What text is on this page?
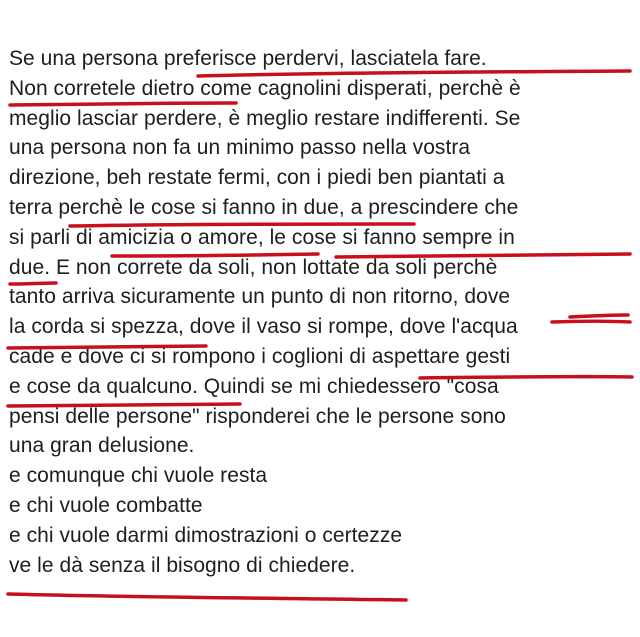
Se una persona preferisce perdervi, lasciatela fare.
Non corretele dietro come cagnolini disperati, perchè è
meglio lasciar perdere, è meglio restare indifferenti. Se
una persona non fa un minimo passo nella vostra
direzione, beh restate fermi, con i piedi ben piantati a
terra perchè le cose si fanno in due, a prescindere che
si parli di amicizia o amore, le cose si fanno sempre in
due. E non correte da soli, non lottate da soli perchè
tanto arriva sicuramente un punto di non ritorno, dove
la corda si spezza, dove il vaso si rompe, dove l'acqua
cade e dove ci si rompono i coglioni di aspettare gesti
e cose da qualcuno. Quindi se mi chiedessero "cosa
pensi delle persone" risponderei che le persone sono
una gran delusione.
e comunque chi vuole resta
e chi vuole combatte
e chi vuole darmi dimostrazioni o certezze
ve le dà senza il bisogno di chiedere.
